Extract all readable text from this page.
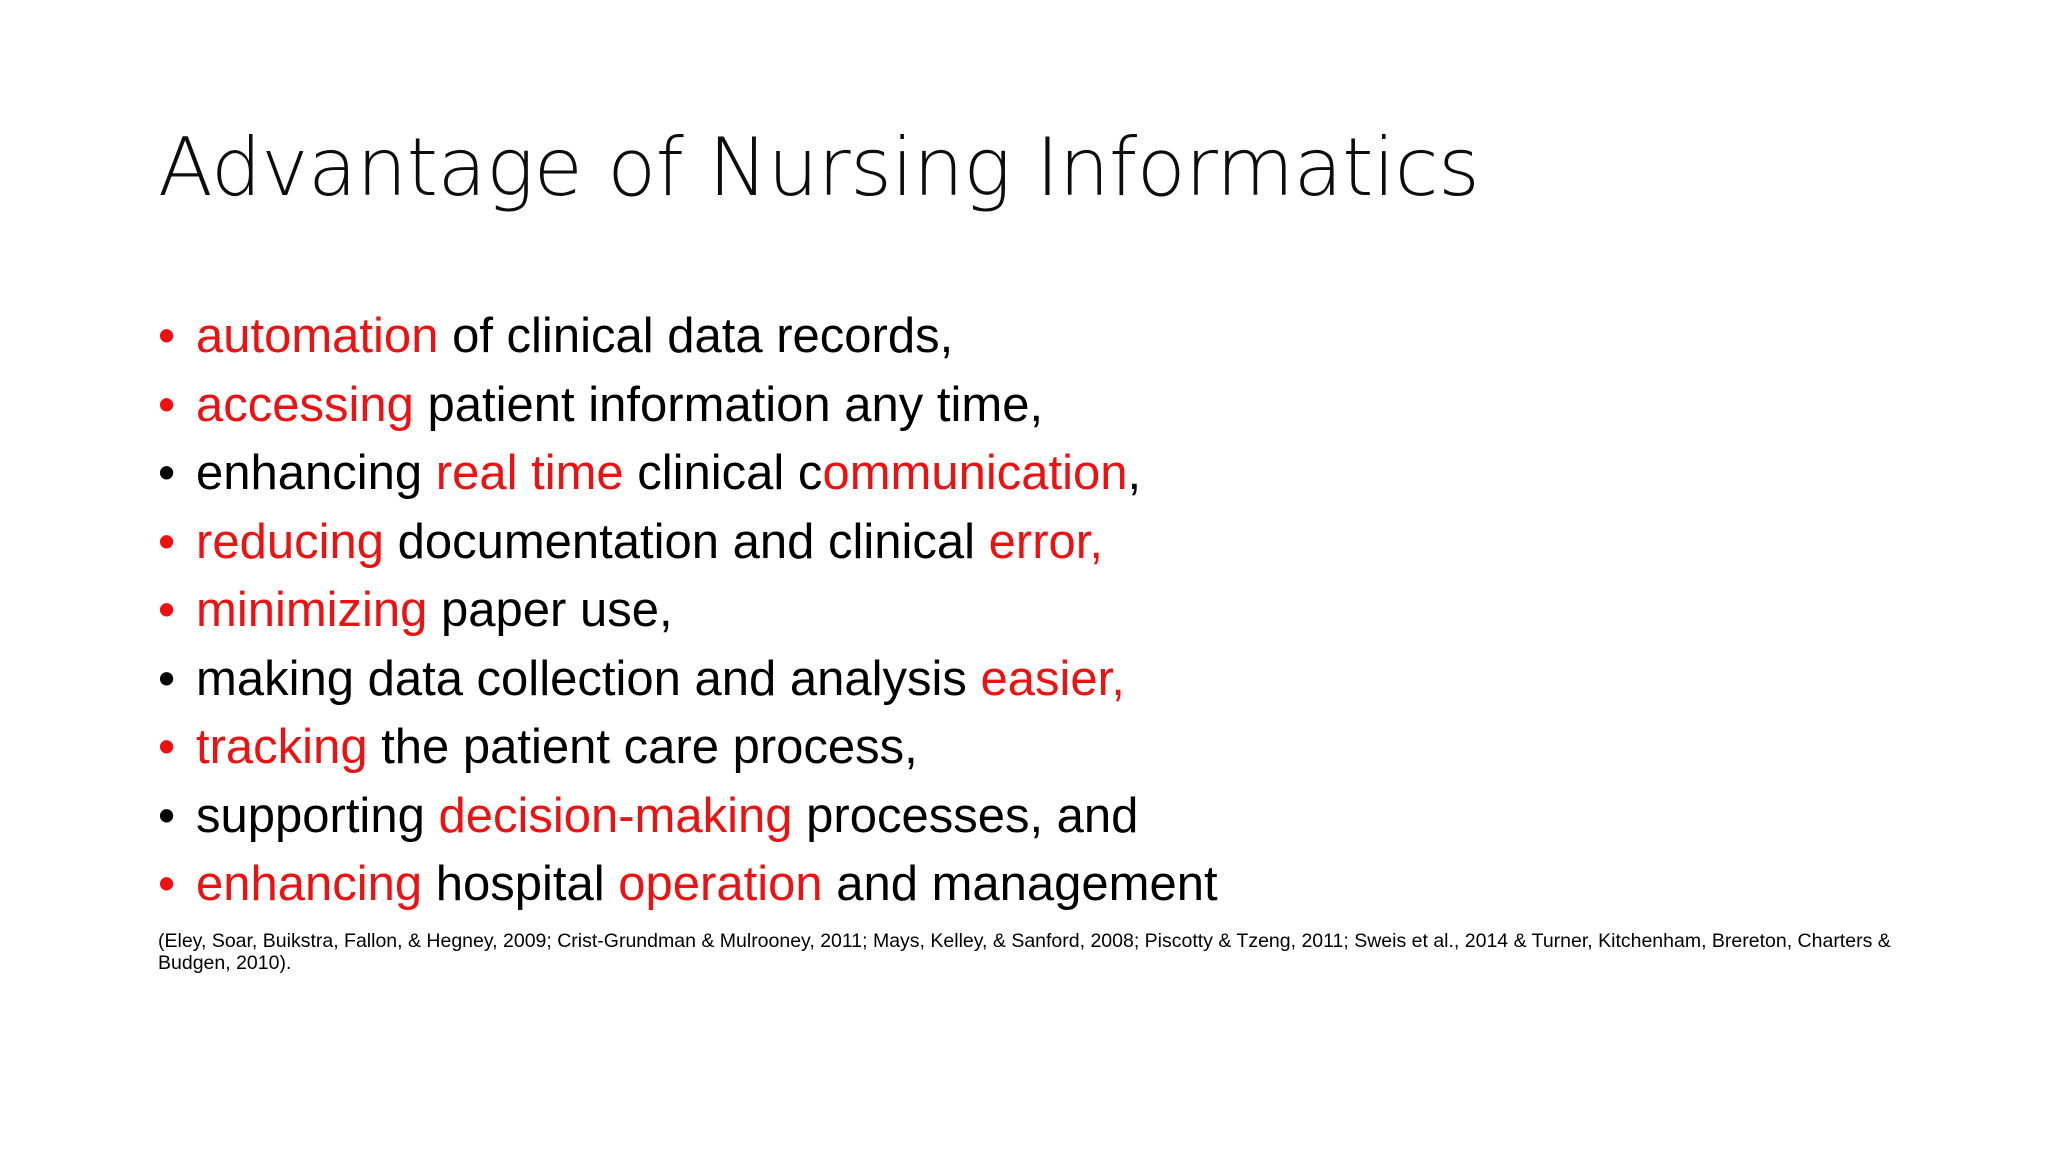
Advantage of Nursing Informatics
• automation of clinical data records,
• accessing patient information any time,
• enhancing real time clinical communication,
• reducing documentation and clinical error,
• minimizing paper use,
• making data collection and analysis easier,
• tracking the patient care process,
• supporting decision-making processes, and
• enhancing hospital operation and management

(Eley, Soar, Buikstra, Fallon, & Hegney, 2009; Crist-Grundman & Mulrooney, 2011; Mays, Kelley, & Sanford, 2008; Piscotty & Tzeng, 2011; Sweis et al., 2014 & Turner, Kitchenham, Brereton, Charters & Budgen, 2010).
